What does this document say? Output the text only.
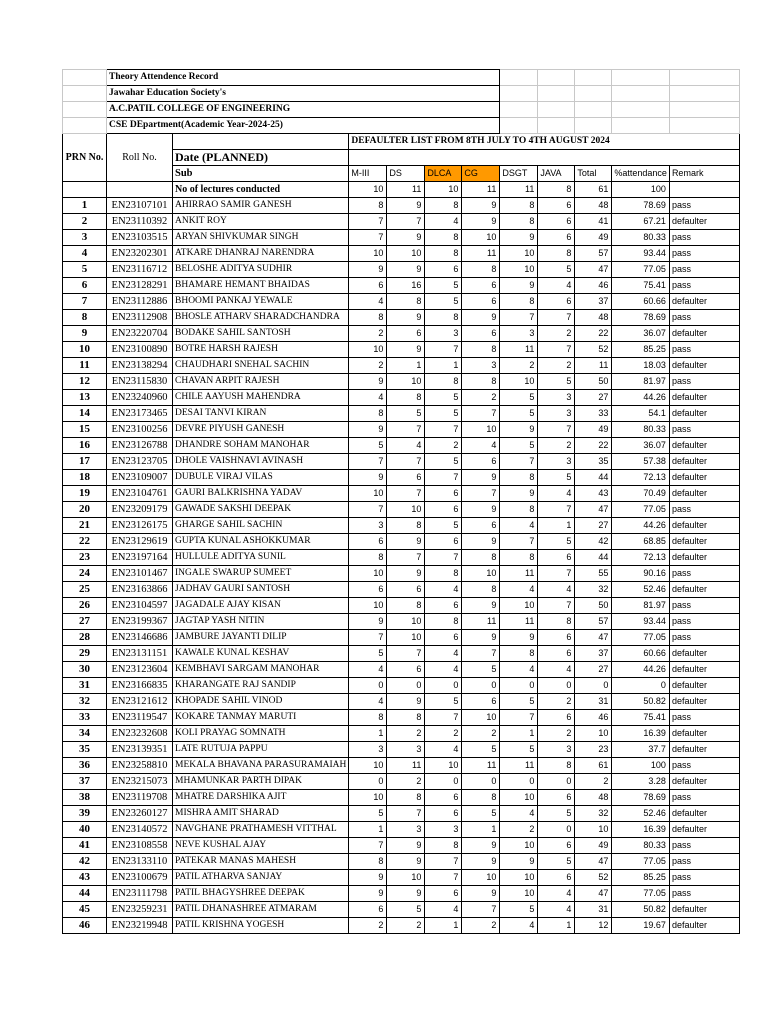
	Theory Attendence Record										
	Jawahar Education Society's										
	A.C.PATIL COLLEGE OF ENGINEERING										
	CSE DEpartment(Academic Year-2024-25)										
PRN No.	Roll No.		DEFAULTER LIST FROM 8TH JULY TO 4TH AUGUST 2024								
		Date (PLANNED)									
		Sub	M-III	DS	DLCA	CG	DSGT	JAVA	Total	%attendance	Remark
		No of lectures conducted	10	11	10	11	11	8	61	100	
1	EN23107101	AHIRRAO SAMIR GANESH	8	9	8	9	8	6	48	78.69	pass
2	EN23110392	ANKIT ROY	7	7	4	9	8	6	41	67.21	defaulter
3	EN23103515	ARYAN SHIVKUMAR SINGH	7	9	8	10	9	6	49	80.33	pass
4	EN23202301	ATKARE DHANRAJ NARENDRA	10	10	8	11	10	8	57	93.44	pass
5	EN23116712	BELOSHE ADITYA SUDHIR	9	9	6	8	10	5	47	77.05	pass
6	EN23128291	BHAMARE HEMANT BHAIDAS	6	16	5	6	9	4	46	75.41	pass
7	EN23112886	BHOOMI PANKAJ YEWALE	4	8	5	6	8	6	37	60.66	defaulter
8	EN23112908	BHOSLE ATHARV SHARADCHANDRA	8	9	8	9	7	7	48	78.69	pass
9	EN23220704	BODAKE SAHIL SANTOSH	2	6	3	6	3	2	22	36.07	defaulter
10	EN23100890	BOTRE HARSH RAJESH	10	9	7	8	11	7	52	85.25	pass
11	EN23138294	CHAUDHARI SNEHAL SACHIN	2	1	1	3	2	2	11	18.03	defaulter
12	EN23115830	CHAVAN ARPIT RAJESH	9	10	8	8	10	5	50	81.97	pass
13	EN23240960	CHILE AAYUSH MAHENDRA	4	8	5	2	5	3	27	44.26	defaulter
14	EN23173465	DESAI TANVI KIRAN	8	5	5	7	5	3	33	54.1	defaulter
15	EN23100256	DEVRE PIYUSH GANESH	9	7	7	10	9	7	49	80.33	pass
16	EN23126788	DHANDRE SOHAM MANOHAR	5	4	2	4	5	2	22	36.07	defaulter
17	EN23123705	DHOLE VAISHNAVI AVINASH	7	7	5	6	7	3	35	57.38	defaulter
18	EN23109007	DUBULE VIRAJ VILAS	9	6	7	9	8	5	44	72.13	defaulter
19	EN23104761	GAURI BALKRISHNA YADAV	10	7	6	7	9	4	43	70.49	defaulter
20	EN23209179	GAWADE SAKSHI DEEPAK	7	10	6	9	8	7	47	77.05	pass
21	EN23126175	GHARGE SAHIL SACHIN	3	8	5	6	4	1	27	44.26	defaulter
22	EN23129619	GUPTA KUNAL ASHOKKUMAR	6	9	6	9	7	5	42	68.85	defaulter
23	EN23197164	HULLULE ADITYA SUNIL	8	7	7	8	8	6	44	72.13	defaulter
24	EN23101467	INGALE SWARUP SUMEET	10	9	8	10	11	7	55	90.16	pass
25	EN23163866	JADHAV GAURI SANTOSH	6	6	4	8	4	4	32	52.46	defaulter
26	EN23104597	JAGADALE AJAY KISAN	10	8	6	9	10	7	50	81.97	pass
27	EN23199367	JAGTAP YASH NITIN	9	10	8	11	11	8	57	93.44	pass
28	EN23146686	JAMBURE JAYANTI DILIP	7	10	6	9	9	6	47	77.05	pass
29	EN23131151	KAWALE KUNAL KESHAV	5	7	4	7	8	6	37	60.66	defaulter
30	EN23123604	KEMBHAVI SARGAM MANOHAR	4	6	4	5	4	4	27	44.26	defaulter
31	EN23166835	KHARANGATE RAJ SANDIP	0	0	0	0	0	0	0	0	defaulter
32	EN23121612	KHOPADE SAHIL VINOD	4	9	5	6	5	2	31	50.82	defaulter
33	EN23119547	KOKARE TANMAY MARUTI	8	8	7	10	7	6	46	75.41	pass
34	EN23232608	KOLI PRAYAG SOMNATH	1	2	2	2	1	2	10	16.39	defaulter
35	EN23139351	LATE RUTUJA PAPPU	3	3	4	5	5	3	23	37.7	defaulter
36	EN23258810	MEKALA BHAVANA PARASURAMAIAH	10	11	10	11	11	8	61	100	pass
37	EN23215073	MHAMUNKAR PARTH DIPAK	0	2	0	0	0	0	2	3.28	defaulter
38	EN23119708	MHATRE DARSHIKA AJIT	10	8	6	8	10	6	48	78.69	pass
39	EN23260127	MISHRA AMIT SHARAD	5	7	6	5	4	5	32	52.46	defaulter
40	EN23140572	NAVGHANE PRATHAMESH VITTHAL	1	3	3	1	2	0	10	16.39	defaulter
41	EN23108558	NEVE KUSHAL AJAY	7	9	8	9	10	6	49	80.33	pass
42	EN23133110	PATEKAR MANAS MAHESH	8	9	7	9	9	5	47	77.05	pass
43	EN23100679	PATIL ATHARVA SANJAY	9	10	7	10	10	6	52	85.25	pass
44	EN23111798	PATIL BHAGYSHREE DEEPAK	9	9	6	9	10	4	47	77.05	pass
45	EN23259231	PATIL DHANASHREE ATMARAM	6	5	4	7	5	4	31	50.82	defaulter
46	EN23219948	PATIL KRISHNA YOGESH	2	2	1	2	4	1	12	19.67	defaulter
